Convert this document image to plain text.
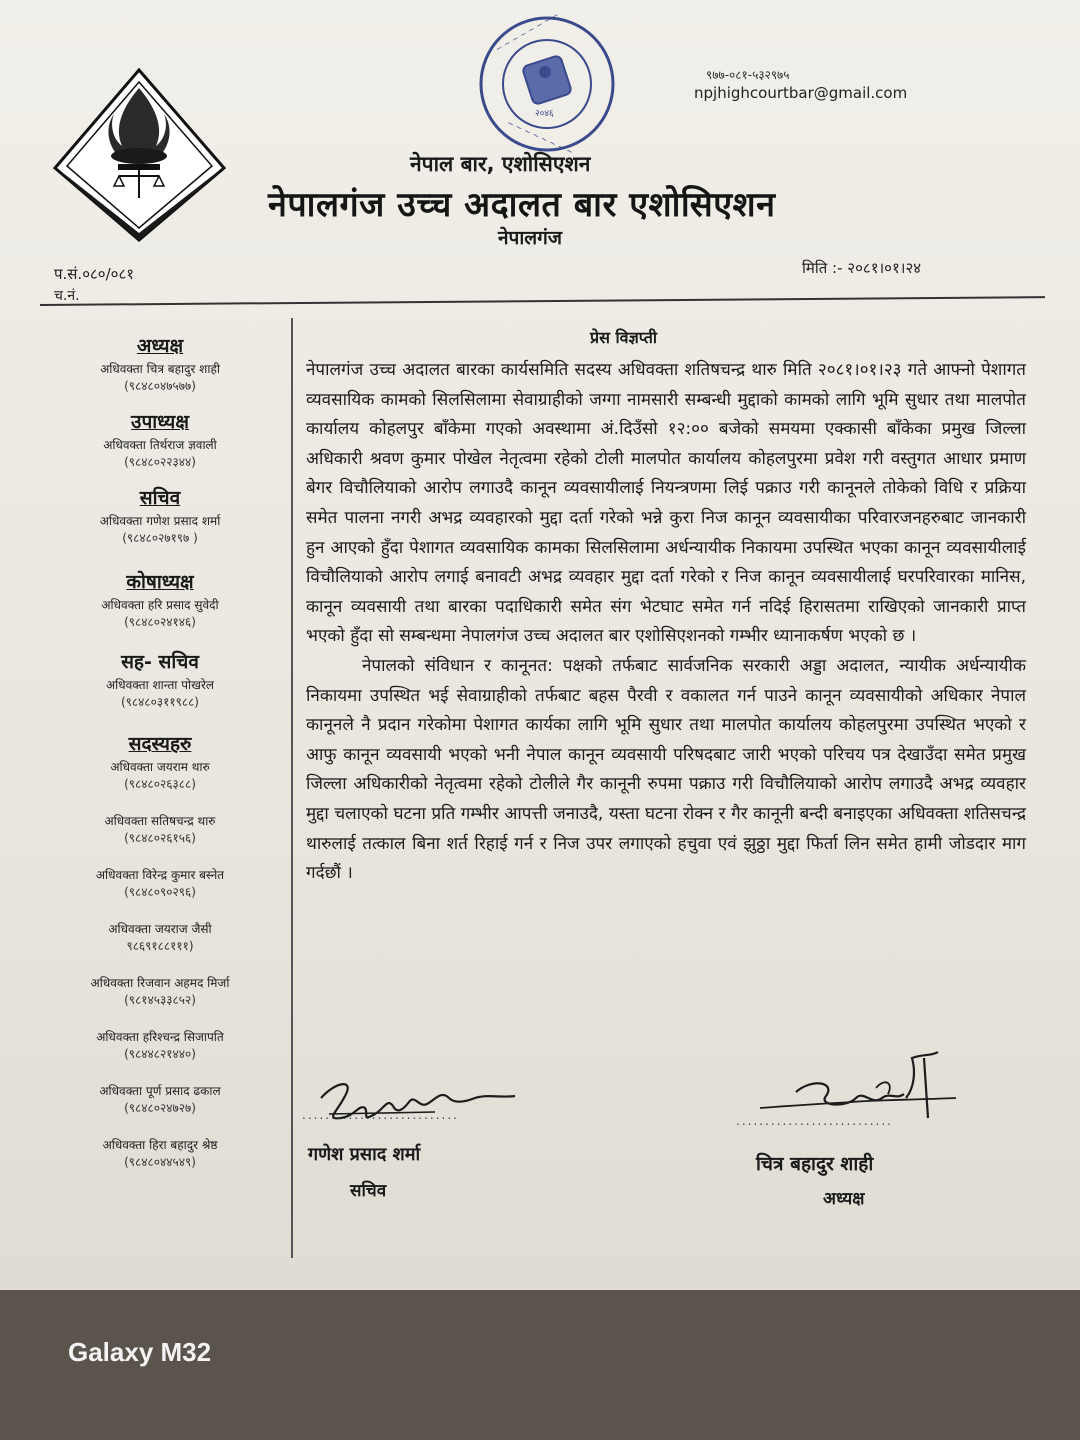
२०४६
~ ~ ~ ~ ~ ~ ~ ~
~ ~ ~ ~ ~ ~ ~ ~
९७७-०८१-५३२९७५
npjhighcourtbar@gmail.com
नेपाल बार, एशोसिएशन
नेपालगंज उच्च अदालत बार एशोसिएशन
नेपालगंज
प.सं.०८०/०८१
च.नं.
मिति :- २०८१।०१।२४
अध्यक्ष
अधिवक्ता चित्र बहादुर शाही
(९८४८०४७५७७)
उपाध्यक्ष
अधिवक्ता तिर्थराज ज्ञवाली
(९८४८०२२३४४)
सचिव
अधिवक्ता गणेश प्रसाद शर्मा
(९८४८०२७१९७ )
कोषाध्यक्ष
अधिवक्ता हरि प्रसाद सुवेदी
(९८४८०२४१४६)
सह- सचिव
अधिवक्ता शान्ता पोखरेल
(९८४८०३११९८८)
सदस्यहरु
अधिवक्ता जयराम थारु
(९८४८०२६३८८)
अधिवक्ता सतिषचन्द्र थारु
(९८४८०२६१५६)
अधिवक्ता विरेन्द्र कुमार बस्नेत
(९८४८०९०२९६)
अधिवक्ता जयराज जैसी
९८६९१८८१११)
अधिवक्ता रिजवान अहमद मिर्जा
(९८१४५३३८५२)
अधिवक्ता हरिश्चन्द्र सिजापति
(९८४४८२१४४०)
अधिवक्ता पूर्ण प्रसाद ढकाल
(९८४८०२४७२७)
अधिवक्ता हिरा बहादुर श्रेष्ठ
(९८४८०४४५४९)
प्रेस विज्ञप्ती

नेपालगंज उच्च अदालत बारका कार्यसमिति सदस्य अधिवक्ता शतिषचन्द्र थारु मिति २०८१।०१।२३ गते आफ्नो पेशागत व्यवसायिक कामको सिलसिलामा सेवाग्राहीको जग्गा नामसारी सम्बन्धी मुद्दाको कामको लागि भूमि सुधार तथा मालपोत कार्यालय कोहलपुर बाँकेमा गएको अवस्थामा अं.दिउँसो १२:०० बजेको समयमा एक्कासी बाँकेका प्रमुख जिल्ला अधिकारी श्रवण कुमार पोखेल नेतृत्वमा रहेको टोली मालपोत कार्यालय कोहलपुरमा प्रवेश गरी वस्तुगत आधार प्रमाण बेगर विचौलियाको आरोप लगाउदै कानून व्यवसायीलाई नियन्त्रणमा लिई पक्राउ गरी कानूनले तोकेको विधि र प्रक्रिया समेत पालना नगरी अभद्र व्यवहारको मुद्दा दर्ता गरेको भन्ने कुरा निज कानून व्यवसायीका परिवारजनहरुबाट जानकारी हुन आएको हुँदा पेशागत व्यवसायिक कामका सिलसिलामा अर्धन्यायीक निकायमा उपस्थित भएका कानून व्यवसायीलाई विचौलियाको आरोप लगाई बनावटी अभद्र व्यवहार मुद्दा दर्ता गरेको र निज कानून व्यवसायीलाई घरपरिवारका मानिस, कानून व्यवसायी तथा बारका पदाधिकारी समेत संग भेटघाट समेत गर्न नदिई हिरासतमा राखिएको जानकारी प्राप्त भएको हुँदा सो सम्बन्धमा नेपालगंज उच्च अदालत बार एशोसिएशनको गम्भीर ध्यानाकर्षण भएको छ ।

नेपालको संविधान र कानूनत: पक्षको तर्फबाट सार्वजनिक सरकारी अड्डा अदालत, न्यायीक अर्धन्यायीक निकायमा उपस्थित भई सेवाग्राहीको तर्फबाट बहस पैरवी र वकालत गर्न पाउने कानून व्यवसायीको अधिकार नेपाल कानूनले नै प्रदान गरेकोमा पेशागत कार्यका लागि भूमि सुधार तथा मालपोत कार्यालय कोहलपुरमा उपस्थित भएको र आफु कानून व्यवसायी भएको भनी नेपाल कानून व्यवसायी परिषदबाट जारी भएको परिचय पत्र देखाउँदा समेत प्रमुख जिल्ला अधिकारीको नेतृत्वमा रहेको टोलीले गैर कानूनी रुपमा पक्राउ गरी विचौलियाको आरोप लगाउदै अभद्र व्यवहार मुद्दा चलाएको घटना प्रति गम्भीर आपत्ती जनाउदै, यस्ता घटना रोक्न र गैर कानूनी बन्दी बनाइएका अधिवक्ता शतिसचन्द्र थारुलाई तत्काल बिना शर्त रिहाई गर्न र निज उपर लगाएको हचुवा एवं झुठ्ठा मुद्दा फिर्ता लिन समेत हामी जोडदार माग गर्दछौं ।

...........................
गणेश प्रसाद शर्मा
सचिव
...........................
चित्र बहादुर शाही
अध्यक्ष
Galaxy M32
